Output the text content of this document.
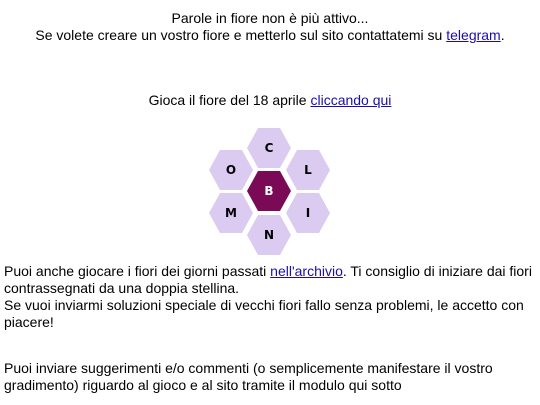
Parole in fiore non è più attivo...
Se volete creare un vostro fiore e metterlo sul sito contattatemi su telegram.
Gioca il fiore del 18 aprile cliccando qui
C
L
I
N
M
O
B

Puoi anche giocare i fiori dei giorni passati nell'archivio. Ti consiglio di iniziare dai fiori contrassegnati da una doppia stellina.

Se vuoi inviarmi soluzioni speciale di vecchi fiori fallo senza problemi, le accetto con piacere!

Puoi inviare suggerimenti e/o commenti (o semplicemente manifestare il vostro gradimento) riguardo al gioco e al sito tramite il modulo qui sotto
